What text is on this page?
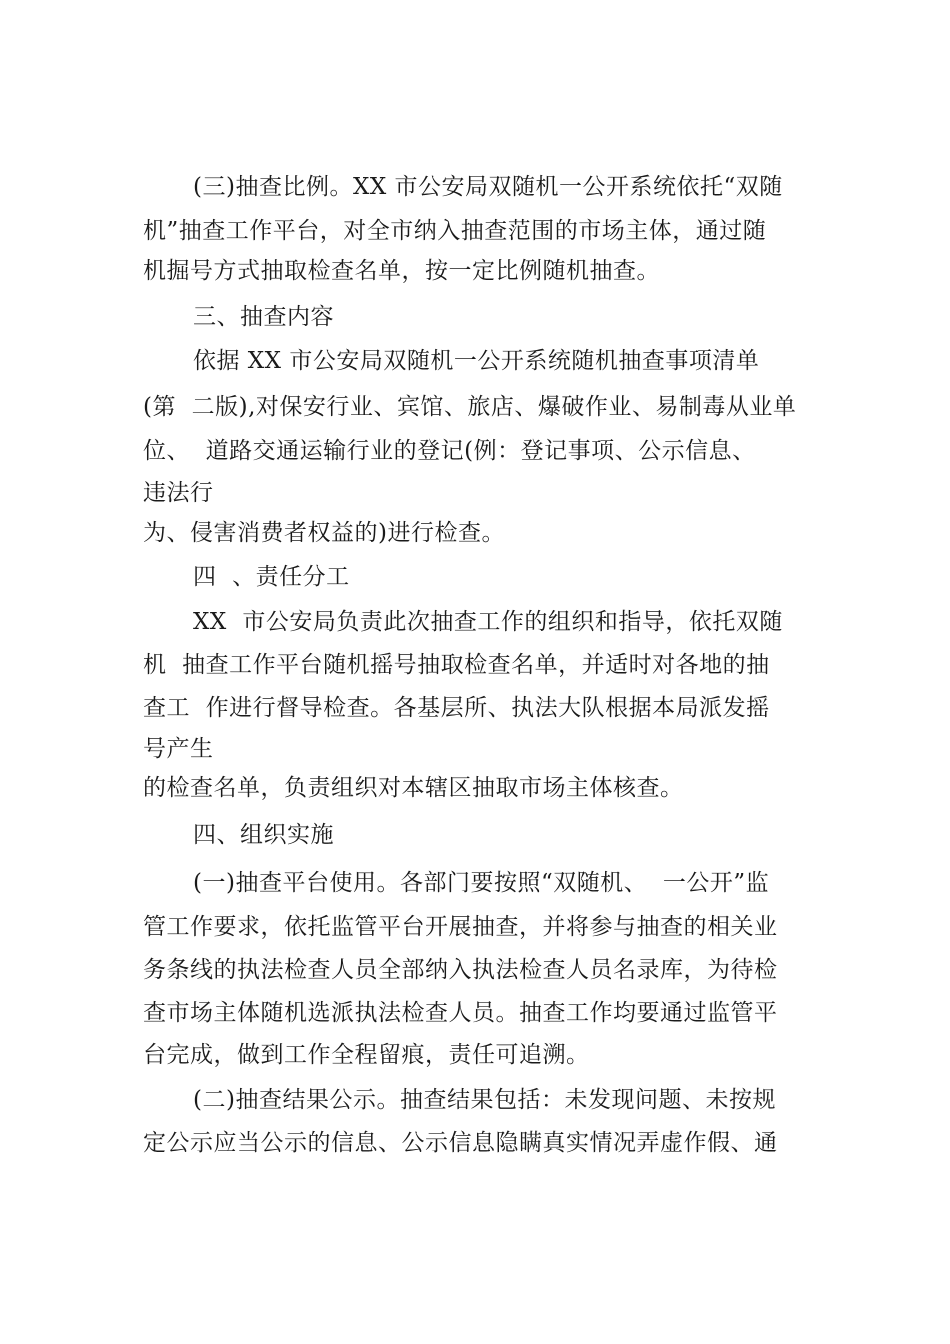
(三)抽查比例。XX 市公安局双随机一公开系统依托“双随
机”抽查工作平台，对全市纳入抽查范围的市场主体，通过随
机掘号方式抽取检查名单，按一定比例随机抽查。
三、抽查内容
依据 XX 市公安局双随机一公开系统随机抽查事项清单
(第  二版),对保安行业、宾馆、旅店、爆破作业、易制毒从业单
位、  道路交通运输行业的登记(例：登记事项、公示信息、
违法行
为、侵害消费者权益的)进行检查。
四  、责任分工
XX  市公安局负责此次抽查工作的组织和指导，依托双随
机  抽查工作平台随机摇号抽取检查名单，并适时对各地的抽
查工  作进行督导检查。各基层所、执法大队根据本局派发摇
号产生
的检查名单，负责组织对本辖区抽取市场主体核查。
四、组织实施
(一)抽查平台使用。各部门要按照“双随机、  一公开”监
管工作要求，依托监管平台开展抽查，并将参与抽查的相关业
务条线的执法检查人员全部纳入执法检查人员名录库，为待检
查市场主体随机选派执法检查人员。抽查工作均要通过监管平
台完成，做到工作全程留痕，责任可追溯。
(二)抽查结果公示。抽查结果包括：未发现问题、未按规
定公示应当公示的信息、公示信息隐瞒真实情况弄虚作假、通
